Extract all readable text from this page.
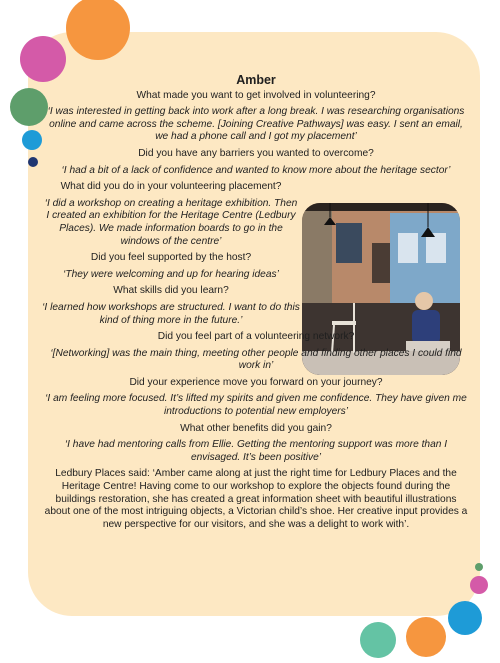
Amber

What made you want to get involved in volunteering?

‘I was interested in getting back into work after a long break. I was researching organisations online and came across the scheme. [Joining Creative Pathways] was easy. I sent an email, we had a phone call and I got my placement’

Did you have any barriers you wanted to overcome?

‘I had a bit of a lack of confidence and wanted to know more about the heritage sector’

What did you do in your volunteering placement?

‘I did a workshop on creating a heritage exhibition. Then I created an exhibition for the Heritage Centre (Ledbury Places). We made information boards to go in the windows of the centre’

Did you feel supported by the host?

‘They were welcoming and up for hearing ideas’

What skills did you learn?

‘I learned how workshops are structured. I want to do this kind of thing more in the future.’

Did you feel part of a volunteering network?

‘[Networking] was the main thing, meeting other people and finding other places I could find work in’

Did your experience move you forward on your journey?

‘I am feeling more focused. It’s lifted my spirits and given me confidence. They have given me introductions to potential new employers’

What other benefits did you gain?

‘I have had mentoring calls from Ellie. Getting the mentoring support was more than I envisaged. It’s been positive’

Ledbury Places said: ‘Amber came along at just the right time for Ledbury Places and the Heritage Centre! Having come to our workshop to explore the objects found during the buildings restoration, she has created a great information sheet with beautiful illustrations about one of the most intriguing objects, a Victorian child’s shoe. Her creative input provides a new perspective for our visitors, and she was a delight to work with’.
